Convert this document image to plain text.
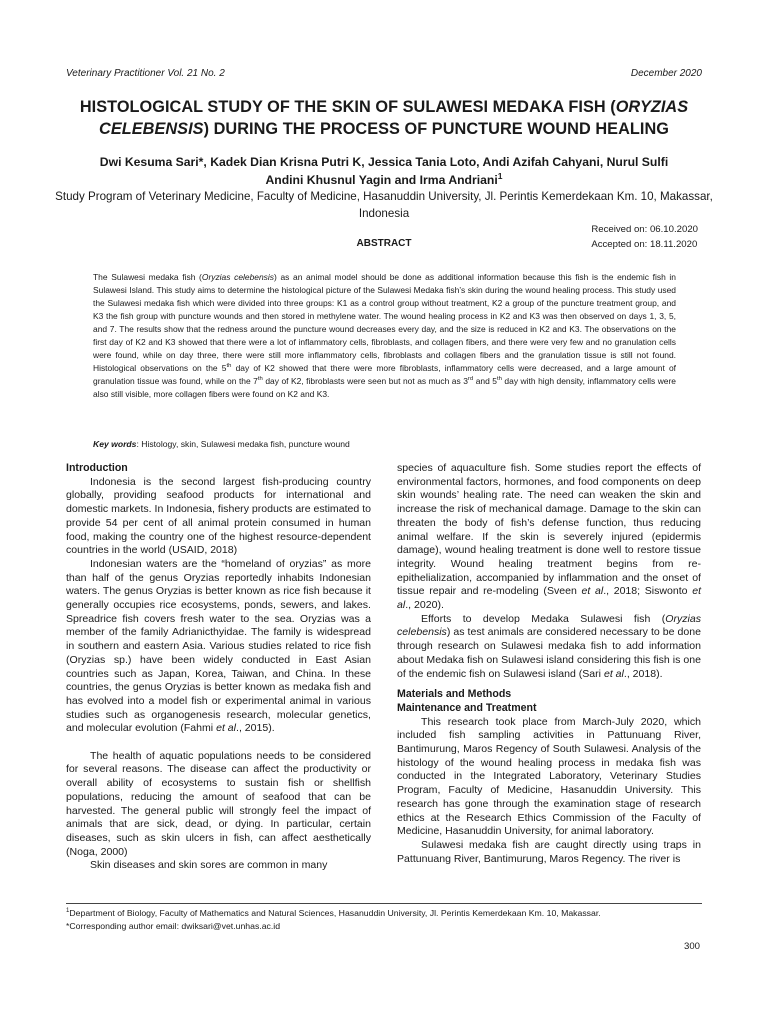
Veterinary Practitioner Vol. 21 No. 2	December 2020
HISTOLOGICAL STUDY OF THE SKIN OF SULAWESI MEDAKA FISH (ORYZIAS CELEBENSIS) DURING THE PROCESS OF PUNCTURE WOUND HEALING
Dwi Kesuma Sari*, Kadek Dian Krisna Putri K, Jessica Tania Loto, Andi Azifah Cahyani, Nurul Sulfi
Andini Khusnul Yagin and Irma Andriani$^1$
Study Program of Veterinary Medicine, Faculty of Medicine, Hasanuddin University, Jl. Perintis Kemerdekaan Km. 10, Makassar, Indonesia
Received on: 06.10.2020
Accepted on: 18.11.2020
ABSTRACT
The Sulawesi medaka fish (Oryzias celebensis) as an animal model should be done as additional information because this fish is the endemic fish in Sulawesi Island. This study aims to determine the histological picture of the Sulawesi Medaka fish’s skin during the wound healing process. This study used the Sulawesi medaka fish which were divided into three groups: K1 as a control group without treatment, K2 a group of the puncture treatment group, and K3 the fish group with puncture wounds and then stored in methylene water. The wound healing process in K2 and K3 was then observed on days 1, 3, 5, and 7. The results show that the redness around the puncture wound decreases every day, and the size is reduced in K2 and K3. The observations on the first day of K2 and K3 showed that there were a lot of inflammatory cells, fibroblasts, and collagen fibers, and there were very few and no granulation cells were found, while on day three, there were still more inflammatory cells, fibroblasts and collagen fibers and the granulation tissue is still not found. Histological observations on the 5th day of K2 showed that there were more fibroblasts, inflammatory cells were decreased, and a large amount of granulation tissue was found, while on the 7th day of K2, fibroblasts were seen but not as much as 3rd and 5th day with high density, inflammatory cells were also still visible, more collagen fibers were found on K2 and K3.
Key words: Histology, skin, Sulawesi medaka fish, puncture wound
Introduction

Indonesia is the second largest fish-producing country globally, providing seafood products for international and domestic markets. In Indonesia, fishery products are estimated to provide 54 per cent of all animal protein consumed in human food, making the country one of the highest resource-dependent countries in the world (USAID, 2018)

Indonesian waters are the “homeland of oryzias” as more than half of the genus Oryzias reportedly inhabits Indonesian waters. The genus Oryzias is better known as rice fish because it generally occupies rice ecosystems, ponds, sewers, and lakes. Spreadrice fish covers fresh water to the sea. Oryzias was a member of the family Adrianicthyidae. The family is widespread in southern and eastern Asia. Various studies related to rice fish (Oryzias sp.) have been widely conducted in East Asian countries such as Japan, Korea, Taiwan, and China. In these countries, the genus Oryzias is better known as medaka fish and has evolved into a model fish or experimental animal in various studies such as organogenesis research, molecular genetics, and molecular evolution (Fahmi et al., 2015).

The health of aquatic populations needs to be considered for several reasons. The disease can affect the productivity or overall ability of ecosystems to sustain fish or shellfish populations, reducing the amount of seafood that can be harvested. The general public will strongly feel the impact of animals that are sick, dead, or dying. In particular, certain diseases, such as skin ulcers in fish, can affect aesthetically (Noga, 2000)

Skin diseases and skin sores are common in many

species of aquaculture fish. Some studies report the effects of environmental factors, hormones, and food components on deep skin wounds’ healing rate. The need can weaken the skin and increase the risk of mechanical damage. Damage to the skin can threaten the body of fish’s defense function, thus reducing animal welfare. If the skin is severely injured (epidermis damage), wound healing treatment is done well to restore tissue integrity. Wound healing treatment begins from re-epithelialization, accompanied by inflammation and the onset of tissue repair and re-modeling (Sveen et al., 2018; Siswonto et al., 2020).

Efforts to develop Medaka Sulawesi fish (Oryzias celebensis) as test animals are considered necessary to be done through research on Sulawesi medaka fish to add information about Medaka fish on Sulawesi island considering this fish is one of the endemic fish on Sulawesi island (Sari et al., 2018).

Materials and Methods
Maintenance and Treatment

This research took place from March-July 2020, which included fish sampling activities in Pattunuang River, Bantimurung, Maros Regency of South Sulawesi. Analysis of the histology of the wound healing process in medaka fish was conducted in the Integrated Laboratory, Veterinary Studies Program, Faculty of Medicine, Hasanuddin University. This research has gone through the examination stage of research ethics at the Research Ethics Commission of the Faculty of Medicine, Hasanuddin University, for animal laboratory.

Sulawesi medaka fish are caught directly using traps in Pattunuang River, Bantimurung, Maros Regency. The river is

$^1$Department of Biology, Faculty of Mathematics and Natural Sciences, Hasanuddin University, Jl. Perintis Kemerdekaan Km. 10, Makassar.
*Corresponding author email: dwiksari@vet.unhas.ac.id
300
